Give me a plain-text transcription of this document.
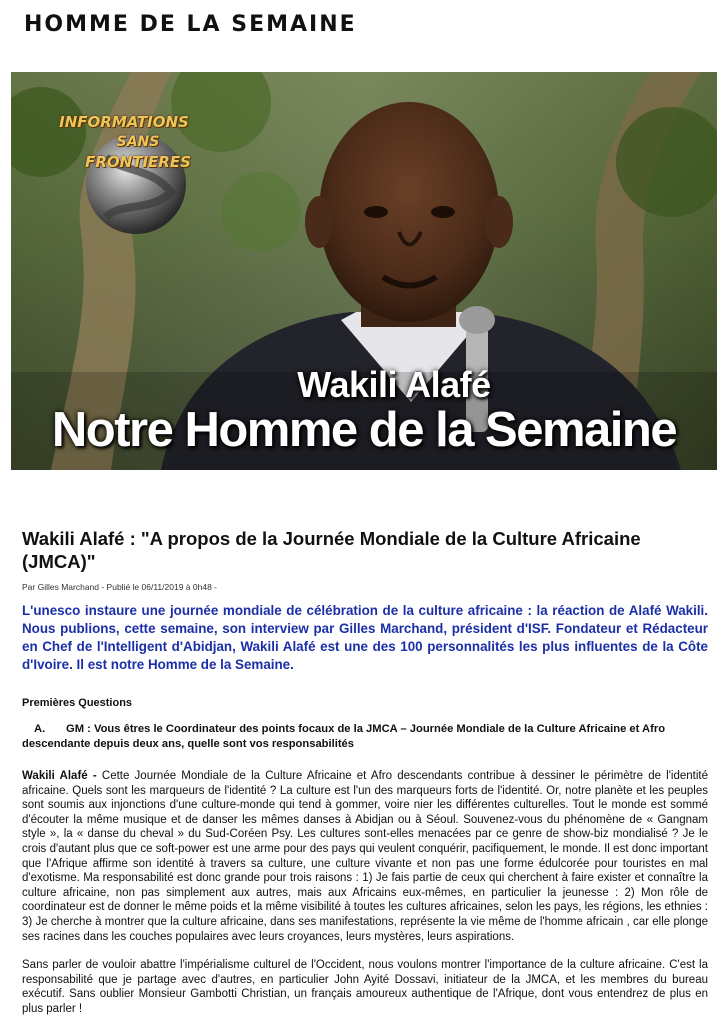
HOMME DE LA SEMAINE
INFORMATIONS
SANS
FRONTIERES
Wakili Alafé
Notre Homme de la Semaine
Wakili Alafé : "A propos de la Journée Mondiale de la Culture Africaine (JMCA)"
Par Gilles Marchand - Publié le 06/11/2019 à 0h48 -

L'unesco instaure une journée mondiale de célébration de la culture africaine : la réaction de Alafé Wakili. Nous publions, cette semaine, son interview par Gilles Marchand, président d'ISF. Fondateur et Rédacteur en Chef de l'Intelligent d'Abidjan, Wakili Alafé est une des 100 personnalités les plus influentes de la Côte d'Ivoire. Il est notre Homme de la Semaine.

Premières Questions

A. GM : Vous êtres le Coordinateur des points focaux de la JMCA – Journée Mondiale de la Culture Africaine et Afro descendante depuis deux ans, quelle sont vos responsabilités

Wakili Alafé - Cette Journée Mondiale de la Culture Africaine et Afro descendants contribue à dessiner le périmètre de l'identité africaine. Quels sont les marqueurs de l'identité ? La culture est l'un des marqueurs forts de l'identité. Or, notre planète et les peuples sont soumis aux injonctions d'une culture-monde qui tend à gommer, voire nier les différentes culturelles. Tout le monde est sommé d'écouter la même musique et de danser les mêmes danses à Abidjan ou à Séoul. Souvenez-vous du phénomène de « Gangnam style », la « danse du cheval » du Sud-Coréen Psy. Les cultures sont-elles menacées par ce genre de show-biz mondialisé ? Je le crois d'autant plus que ce soft-power est une arme pour des pays qui veulent conquérir, pacifiquement, le monde. Il est donc important que l'Afrique affirme son identité à travers sa culture, une culture vivante et non pas une forme édulcorée pour touristes en mal d'exotisme. Ma responsabilité est donc grande pour trois raisons : 1) Je fais partie de ceux qui cherchent à faire exister et connaître la culture africaine, non pas simplement aux autres, mais aux Africains eux-mêmes, en particulier la jeunesse : 2) Mon rôle de coordinateur est de donner le même poids et la même visibilité à toutes les cultures africaines, selon les pays, les régions, les ethnies : 3) Je cherche à montrer que la culture africaine, dans ses manifestations, représente la vie même de l'homme africain , car elle plonge ses racines dans les couches populaires avec leurs croyances, leurs mystères, leurs aspirations.

Sans parler de vouloir abattre l'impérialisme culturel de l'Occident, nous voulons montrer l'importance de la culture africaine. C'est la responsabilité que je partage avec d'autres, en particulier John Ayité Dossavi, initiateur de la JMCA, et les membres du bureau exécutif. Sans oublier Monsieur Gambotti Christian, un français amoureux authentique de l'Afrique, dont vous entendrez de plus en plus parler !
